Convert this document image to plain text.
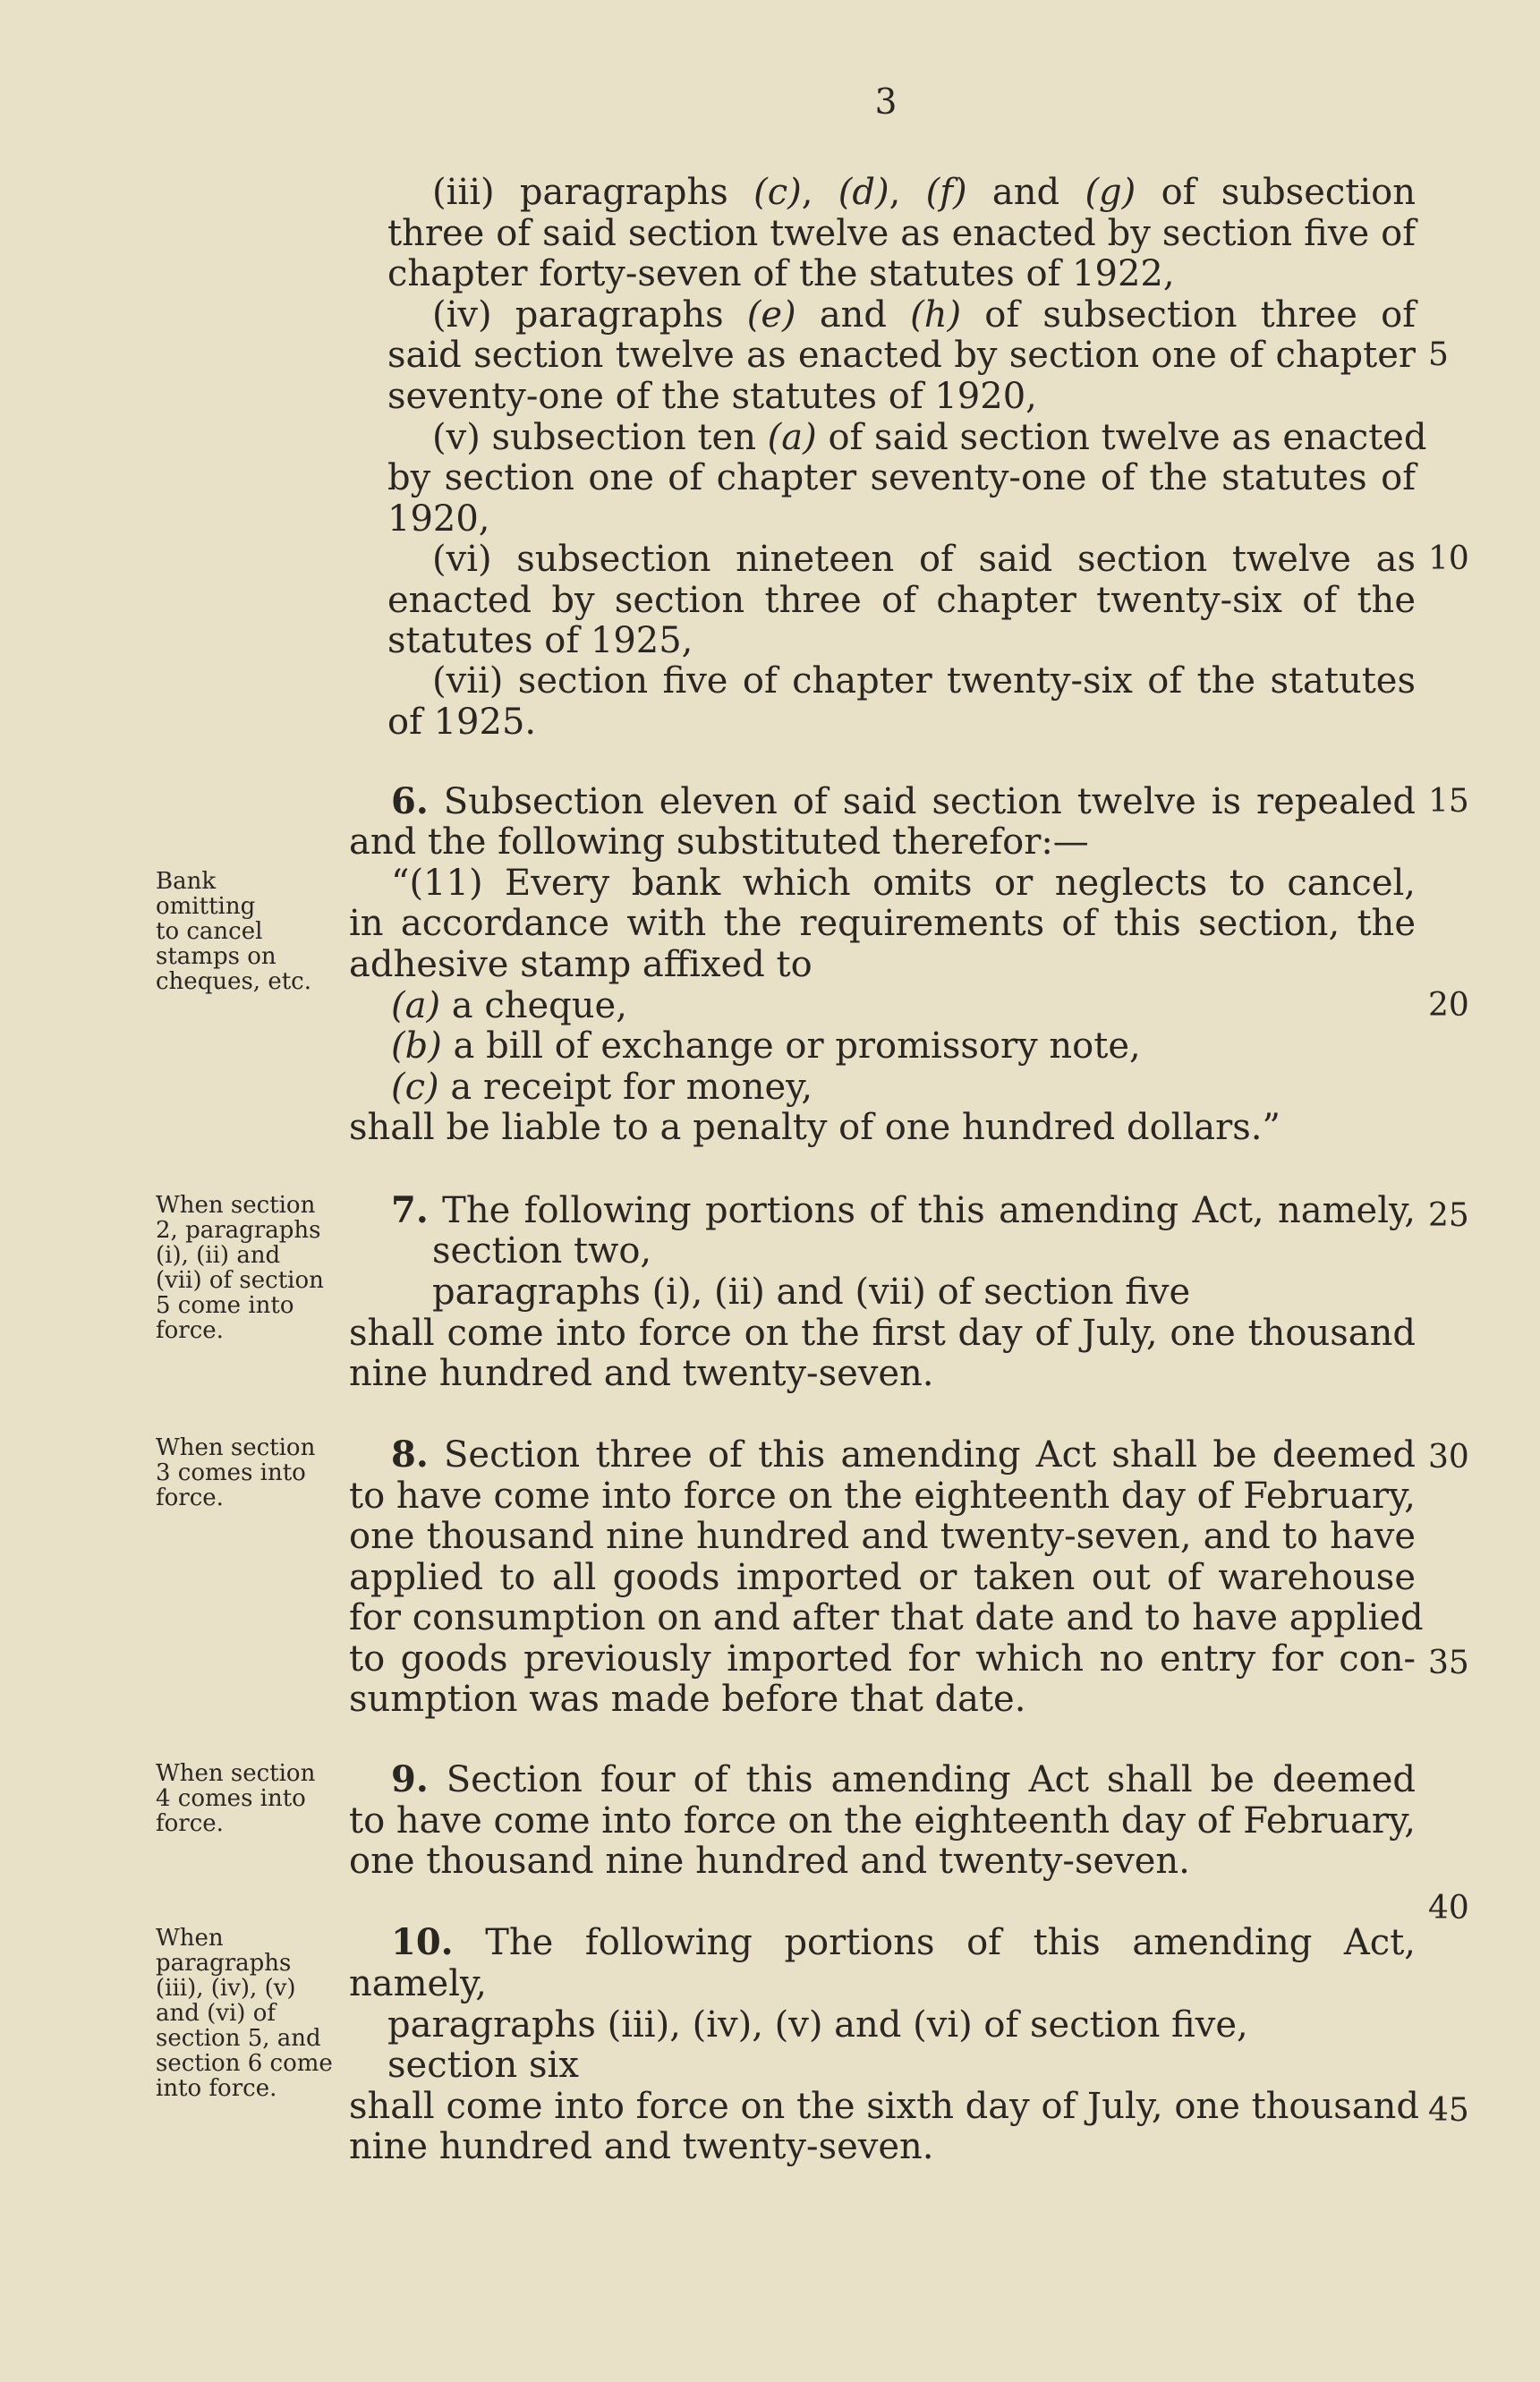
3
(iii) paragraphs (c), (d), (f) and (g) of subsection
three of said section twelve as enacted by section five of
chapter forty-seven of the statutes of 1922,
(iv) paragraphs (e) and (h) of subsection three of
said section twelve as enacted by section one of chapter
seventy-one of the statutes of 1920,
(v) subsection ten (a) of said section twelve as enacted
by section one of chapter seventy-one of the statutes of
1920,
(vi) subsection nineteen of said section twelve as
enacted by section three of chapter twenty-six of the
statutes of 1925,
(vii) section five of chapter twenty-six of the statutes
of 1925.
6. Subsection eleven of said section twelve is repealed
and the following substituted therefor:—
“(11) Every bank which omits or neglects to cancel,
in accordance with the requirements of this section, the
adhesive stamp affixed to
(a) a cheque,
(b) a bill of exchange or promissory note,
(c) a receipt for money,
shall be liable to a penalty of one hundred dollars.”
7. The following portions of this amending Act, namely,
section two,
paragraphs (i), (ii) and (vii) of section five
shall come into force on the first day of July, one thousand
nine hundred and twenty-seven.
8. Section three of this amending Act shall be deemed
to have come into force on the eighteenth day of February,
one thousand nine hundred and twenty-seven, and to have
applied to all goods imported or taken out of warehouse
for consumption on and after that date and to have applied
to goods previously imported for which no entry for con-
sumption was made before that date.
9. Section four of this amending Act shall be deemed
to have come into force on the eighteenth day of February,
one thousand nine hundred and twenty-seven.
10. The following portions of this amending Act,
namely,
paragraphs (iii), (iv), (v) and (vi) of section five,
section six
shall come into force on the sixth day of July, one thousand
nine hundred and twenty-seven.
5
10
15
20
25
30
35
40
45
Bank
omitting
to cancel
stamps on
cheques, etc.
When section
2, paragraphs
(i), (ii) and
(vii) of section
5 come into
force.
When section
3 comes into
force.
When section
4 comes into
force.
When
paragraphs
(iii), (iv), (v)
and (vi) of
section 5, and
section 6 come
into force.
